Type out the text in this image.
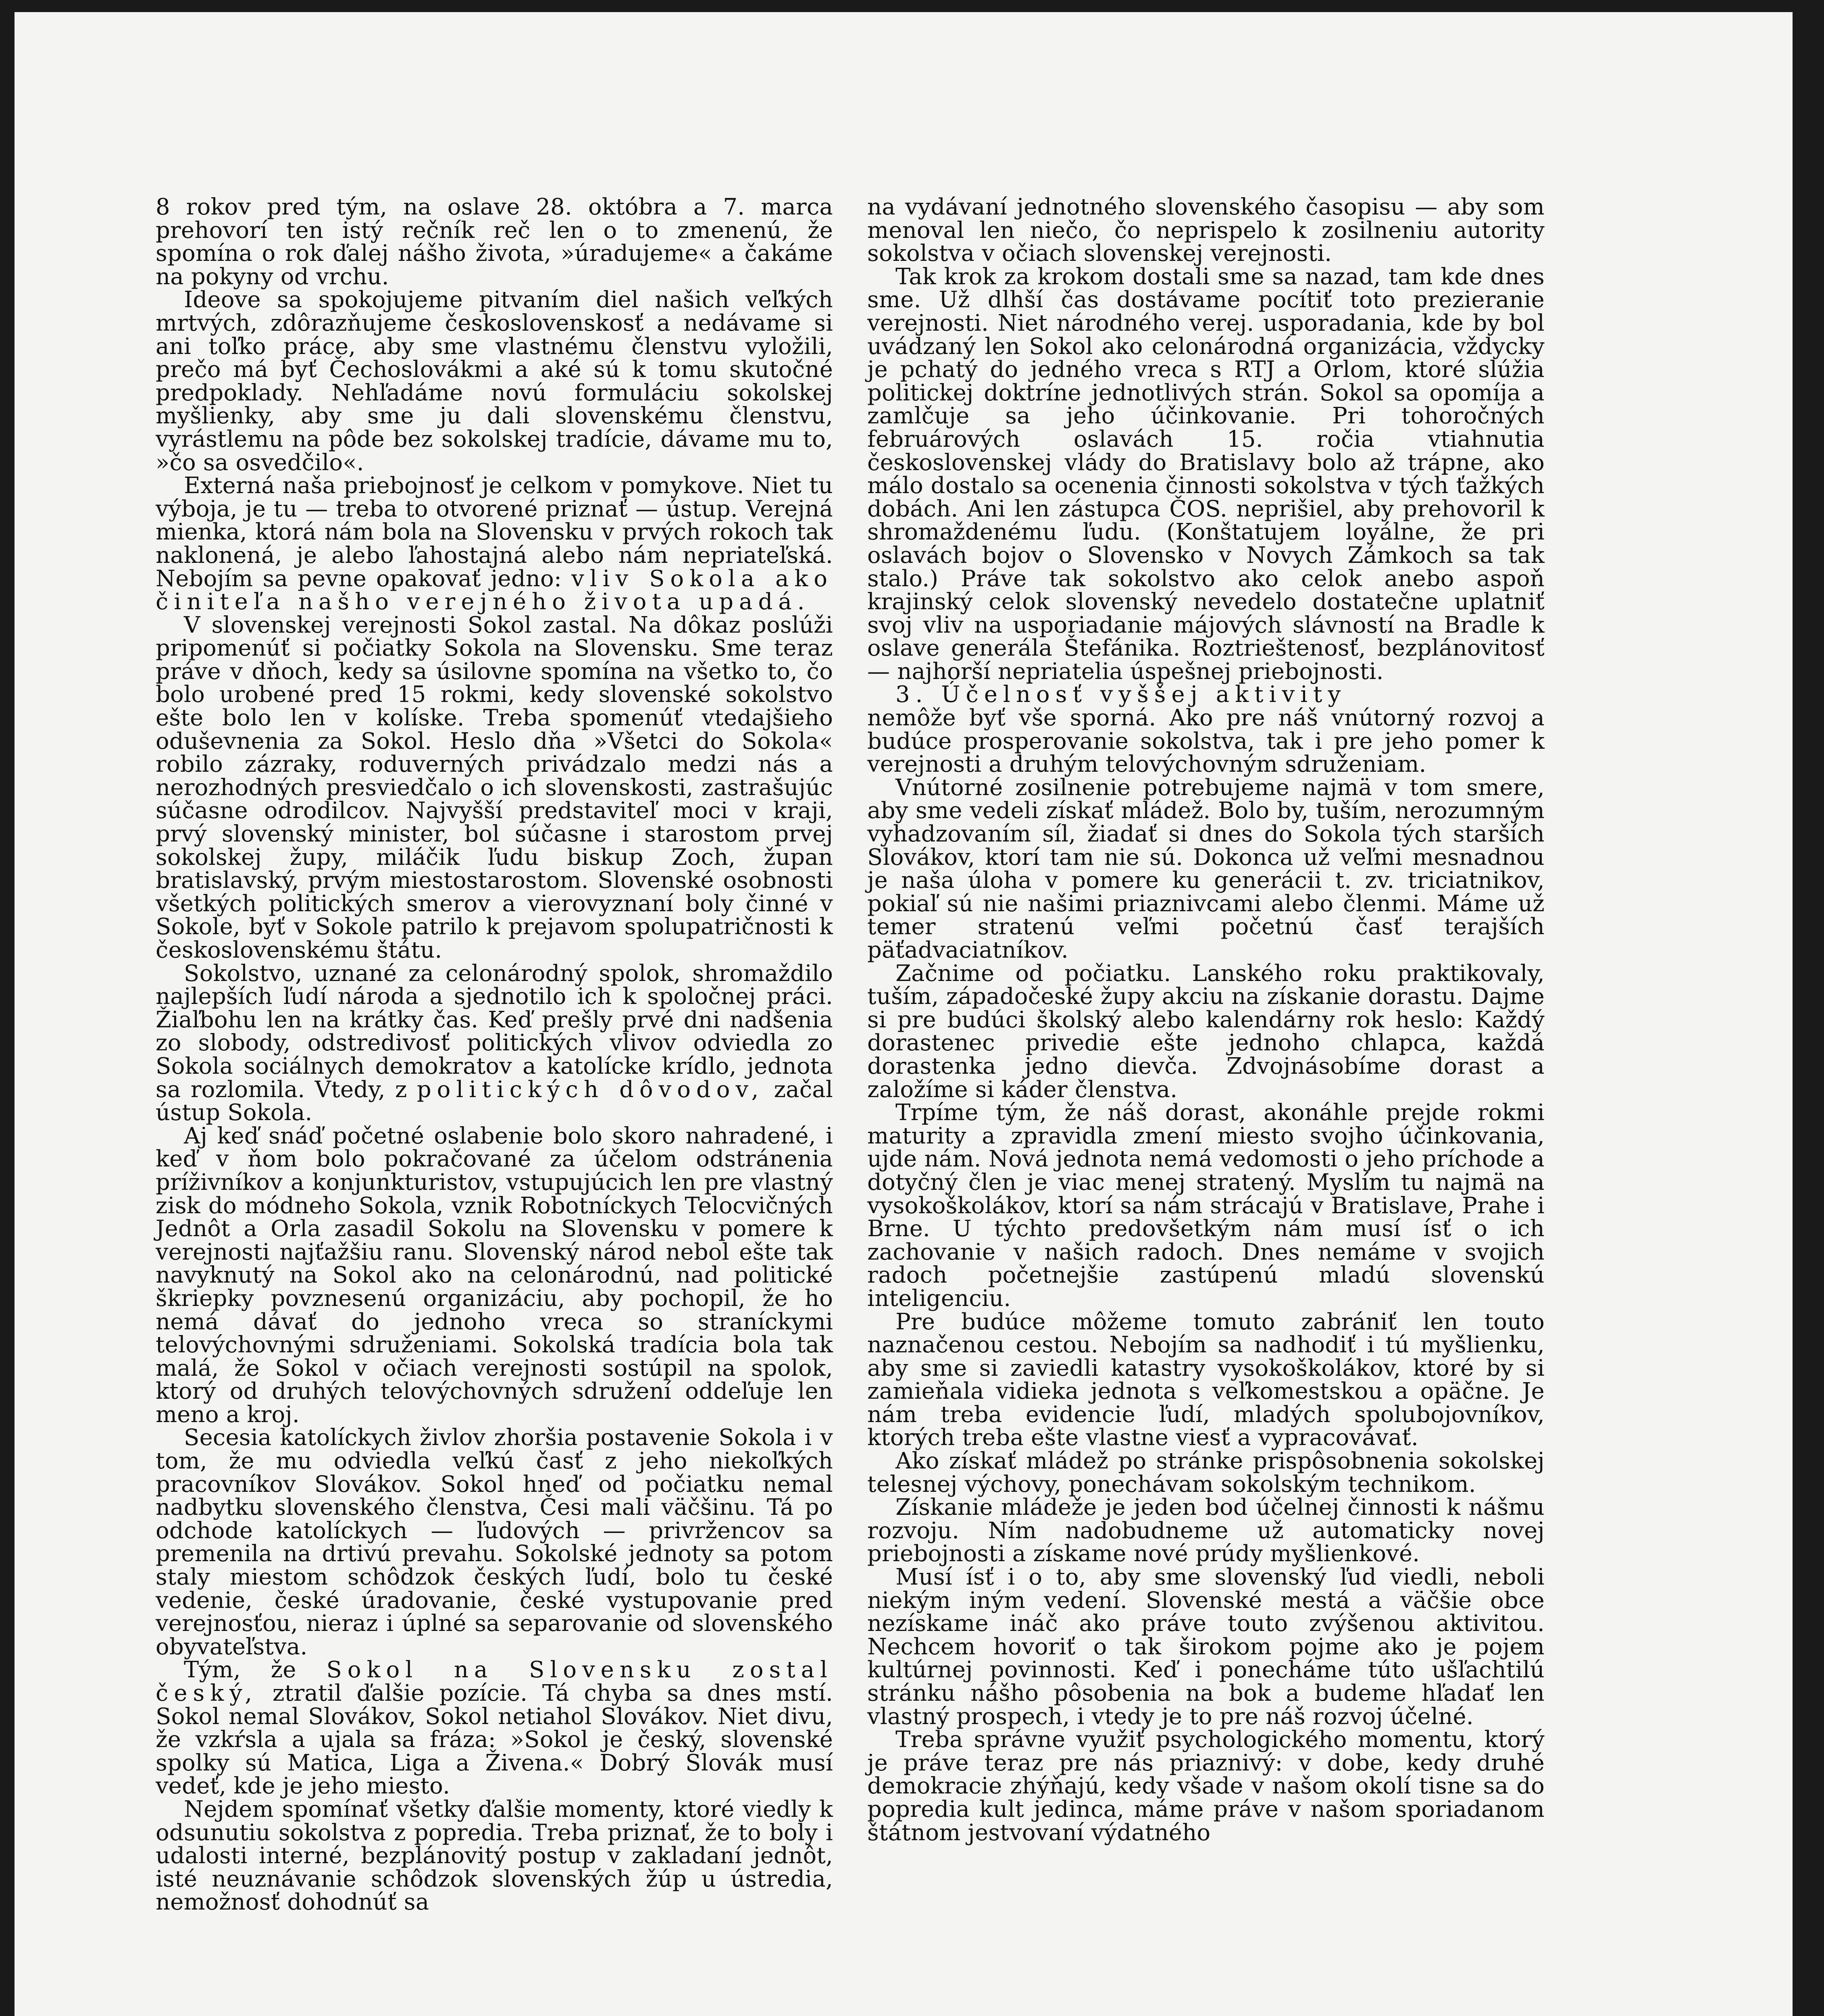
8 rokov pred tým, na oslave 28. októbra a 7. marca prehovorí ten istý rečník reč len o to zmenenú, že spomína o rok ďalej nášho života, »úradujeme« a čakáme na pokyny od vrchu.

Ideove sa spokojujeme pitvaním diel našich veľkých mrtvých, zdôrazňujeme československosť a nedávame si ani toľko práce, aby sme vlastnému členstvu vyložili, prečo má byť Čechoslovákmi a aké sú k tomu skutočné predpoklady. Nehľadáme novú formuláciu sokolskej myšlienky, aby sme ju dali slovenskému členstvu, vyrástlemu na pôde bez sokolskej tradície, dávame mu to, »čo sa osvedčilo«.

Externá naša priebojnosť je celkom v pomykove. Niet tu výboja, je tu — treba to otvorené priznať — ústup. Verejná mienka, ktorá nám bola na Slovensku v prvých rokoch tak naklonená, je alebo ľahostajná alebo nám nepriateľská. Nebojím sa pevne opakovať jedno: vliv Sokola ako činiteľa našho verejného života upadá.

V slovenskej verejnosti Sokol zastal. Na dôkaz poslúži pripomenúť si počiatky Sokola na Slovensku. Sme teraz práve v dňoch, kedy sa úsilovne spomína na všetko to, čo bolo urobené pred 15 rokmi, kedy slovenské sokolstvo ešte bolo len v kolíske. Treba spomenúť vtedajšieho oduševnenia za Sokol. Heslo dňa »Všetci do Sokola« robilo zázraky, roduverných privádzalo medzi nás a nerozhodných presviedčalo o ich slovenskosti, zastrašujúc súčasne odrodilcov. Najvyšší predstaviteľ moci v kraji, prvý slovenský minister, bol súčasne i starostom prvej sokolskej župy, miláčik ľudu biskup Zoch, župan bratislavský, prvým miestostarostom. Slovenské osobnosti všetkých politických smerov a vierovyznaní boly činné v Sokole, byť v Sokole patrilo k prejavom spolupatričnosti k československému štátu.

Sokolstvo, uznané za celonárodný spolok, shromaždilo najlepších ľudí národa a sjednotilo ich k spoločnej práci. Žiaľbohu len na krátky čas. Keď prešly prvé dni nadšenia zo slobody, odstredivosť politických vlivov odviedla zo Sokola sociálnych demokratov a katolícke krídlo, jednota sa rozlomila. Vtedy, z politických dôvodov, začal ústup Sokola.

Aj keď snáď početné oslabenie bolo skoro nahradené, i keď v ňom bolo pokračované za účelom odstránenia príživníkov a konjunkturistov, vstupujúcich len pre vlastný zisk do módneho Sokola, vznik Robotníckych Telocvičných Jednôt a Orla zasadil Sokolu na Slovensku v pomere k verejnosti najťažšiu ranu. Slovenský národ nebol ešte tak navyknutý na Sokol ako na celonárodnú, nad politické škriepky povznesenú organizáciu, aby pochopil, že ho nemá dávať do jednoho vreca so straníckymi telovýchovnými sdruženiami. Sokolská tradícia bola tak malá, že Sokol v očiach verejnosti sostúpil na spolok, ktorý od druhých telovýchovných sdružení oddeľuje len meno a kroj.

Secesia katolíckych živlov zhoršia postavenie Sokola i v tom, že mu odviedla veľkú časť z jeho niekoľkých pracovníkov Slovákov. Sokol hneď od počiatku nemal nadbytku slovenského členstva, Česi mali väčšinu. Tá po odchode katolíckych — ľudových — privržencov sa premenila na drtivú prevahu. Sokolské jednoty sa potom staly miestom schôdzok českých ľudí, bolo tu české vedenie, české úradovanie, české vystupovanie pred verejnosťou, nieraz i úplné sa separovanie od slovenského obyvateľstva.

Tým, že Sokol na Slovensku zostal český, ztratil ďalšie pozície. Tá chyba sa dnes mstí. Sokol nemal Slovákov, Sokol netiahol Slovákov. Niet divu, že vzkŕsla a ujala sa fráza: »Sokol je český, slovenské spolky sú Matica, Liga a Živena.« Dobrý Slovák musí vedeť, kde je jeho miesto.

Nejdem spomínať všetky ďalšie momenty, ktoré viedly k odsunutiu sokolstva z popredia. Treba priznať, že to boly i udalosti interné, bezplánovitý postup v zakladaní jednôt, isté neuznávanie schôdzok slovenských žúp u ústredia, nemožnosť dohodnúť sa

na vydávaní jednotného slovenského časopisu — aby som menoval len niečo, čo neprispelo k zosilneniu autority sokolstva v očiach slovenskej verejnosti.

Tak krok za krokom dostali sme sa nazad, tam kde dnes sme. Už dlhší čas dostávame pocítiť toto prezieranie verejnosti. Niet národného verej. usporadania, kde by bol uvádzaný len Sokol ako celonárodná organizácia, vždycky je pchatý do jedného vreca s RTJ a Orlom, ktoré slúžia politickej doktríne jednotlivých strán. Sokol sa opomíja a zamlčuje sa jeho účinkovanie. Pri tohoročných februárových oslavách 15. ročia vtiahnutia československej vlády do Bratislavy bolo až trápne, ako málo dostalo sa ocenenia činnosti sokolstva v tých ťažkých dobách. Ani len zástupca ČOS. neprišiel, aby prehovoril k shromaždenému ľudu. (Konštatujem loyálne, že pri oslavách bojov o Slovensko v Novych Zámkoch sa tak stalo.) Práve tak sokolstvo ako celok anebo aspoň krajinský celok slovenský nevedelo dostatečne uplatniť svoj vliv na usporiadanie májových slávností na Bradle k oslave generála Štefánika. Roztrieštenosť, bezplánovitosť — najhorší nepriatelia úspešnej priebojnosti.

3. Účelnosť vyššej aktivity

nemôže byť vše sporná. Ako pre náš vnútorný rozvoj a budúce prosperovanie sokolstva, tak i pre jeho pomer k verejnosti a druhým telovýchovným sdruženiam.

Vnútorné zosilnenie potrebujeme najmä v tom smere, aby sme vedeli získať mládež. Bolo by, tuším, nerozumným vyhadzovaním síl, žiadať si dnes do Sokola tých starších Slovákov, ktorí tam nie sú. Dokonca už veľmi mesnadnou je naša úloha v pomere ku generácii t. zv. triciatnikov, pokiaľ sú nie našimi priaznivcami alebo členmi. Máme už temer stratenú veľmi početnú časť terajších päťadvaciatníkov.

Začnime od počiatku. Lanského roku praktikovaly, tuším, západočeské župy akciu na získanie dorastu. Dajme si pre budúci školský alebo kalendárny rok heslo: Každý dorastenec privedie ešte jednoho chlapca, každá dorastenka jedno dievča. Zdvojnásobíme dorast a založíme si káder členstva.

Trpíme tým, že náš dorast, akonáhle prejde rokmi maturity a zpravidla zmení miesto svojho účinkovania, ujde nám. Nová jednota nemá vedomosti o jeho príchode a dotyčný člen je viac menej stratený. Myslím tu najmä na vysokoškolákov, ktorí sa nám strácajú v Bratislave, Prahe i Brne. U týchto predovšetkým nám musí ísť o ich zachovanie v našich radoch. Dnes nemáme v svojich radoch početnejšie zastúpenú mladú slovenskú inteligenciu.

Pre budúce môžeme tomuto zabrániť len touto naznačenou cestou. Nebojím sa nadhodiť i tú myšlienku, aby sme si zaviedli katastry vysokoškolákov, ktoré by si zamieňala vidieka jednota s veľkomestskou a opäčne. Je nám treba evidencie ľudí, mladých spolubojovníkov, ktorých treba ešte vlastne viesť a vypracovávať.

Ako získať mládež po stránke prispôsobnenia sokolskej telesnej výchovy, ponechávam sokolským technikom.

Získanie mládeže je jeden bod účelnej činnosti k nášmu rozvoju. Ním nadobudneme už automaticky novej priebojnosti a získame nové prúdy myšlienkové.

Musí ísť i o to, aby sme slovenský ľud viedli, neboli niekým iným vedení. Slovenské mestá a väčšie obce nezískame ináč ako práve touto zvýšenou aktivitou. Nechcem hovoriť o tak širokom pojme ako je pojem kultúrnej povinnosti. Keď i ponecháme túto ušľachtilú stránku nášho pôsobenia na bok a budeme hľadať len vlastný prospech, i vtedy je to pre náš rozvoj účelné.

Treba správne využiť psychologického momentu, ktorý je práve teraz pre nás priaznivý: v dobe, kedy druhé demokracie zhýňajú, kedy všade v našom okolí tisne sa do popredia kult jedinca, máme práve v našom sporiadanom štátnom jestvovaní výdatného
